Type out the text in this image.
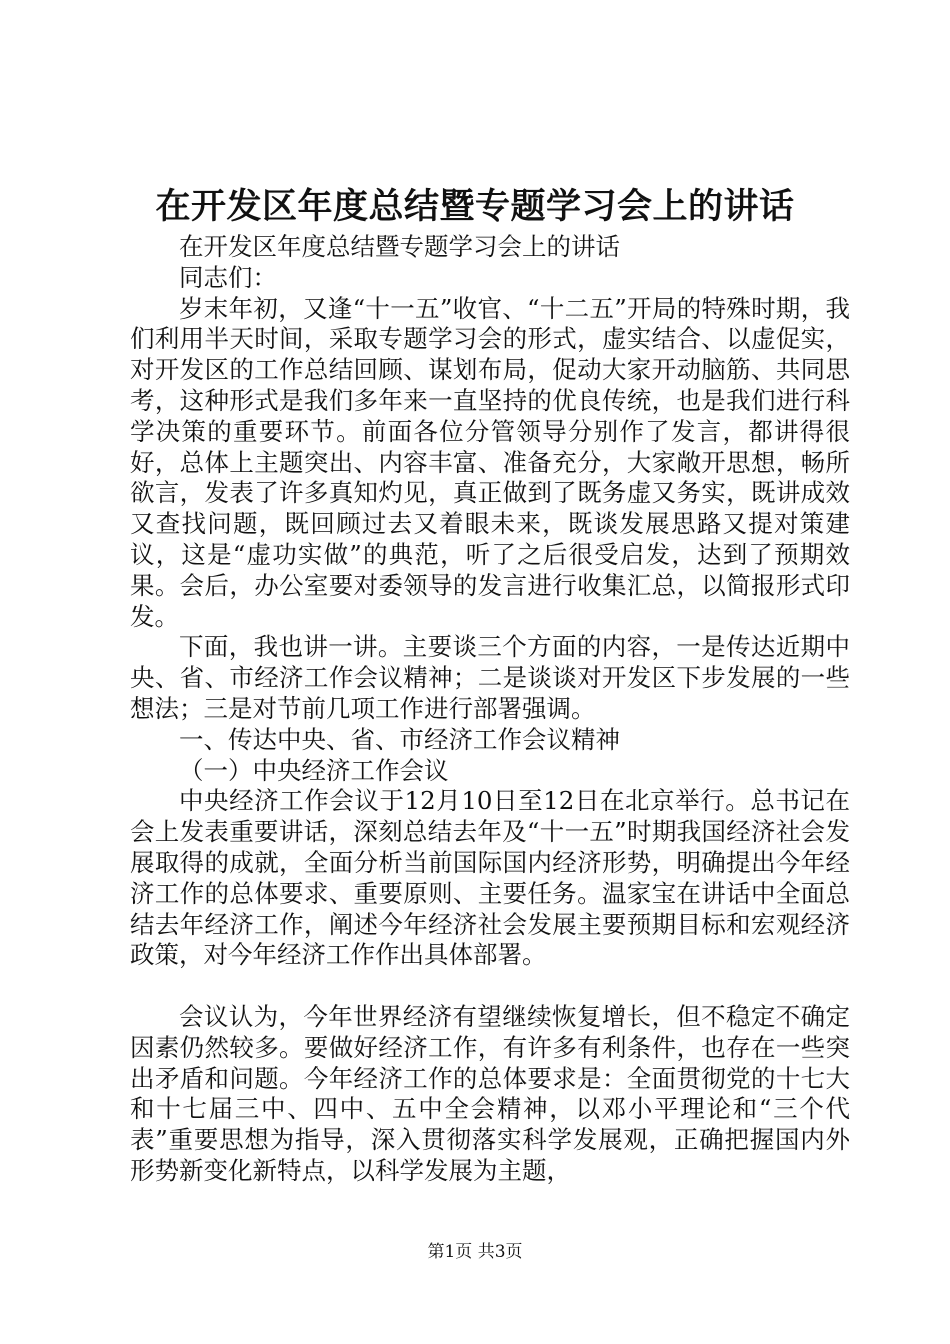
在开发区年度总结暨专题学习会上的讲话

在开发区年度总结暨专题学习会上的讲话

同志们：

岁末年初，又逢“十一五”收官、“十二五”开局的特殊时期，我们利用半天时间，采取专题学习会的形式，虚实结合、以虚促实，对开发区的工作总结回顾、谋划布局，促动大家开动脑筋、共同思考，这种形式是我们多年来一直坚持的优良传统，也是我们进行科学决策的重要环节。前面各位分管领导分别作了发言，都讲得很好，总体上主题突出、内容丰富、准备充分，大家敞开思想，畅所欲言，发表了许多真知灼见，真正做到了既务虚又务实，既讲成效又查找问题，既回顾过去又着眼未来，既谈发展思路又提对策建议，这是“虚功实做”的典范，听了之后很受启发，达到了预期效果。会后，办公室要对委领导的发言进行收集汇总，以简报形式印发。

下面，我也讲一讲。主要谈三个方面的内容，一是传达近期中央、省、市经济工作会议精神；二是谈谈对开发区下步发展的一些想法；三是对节前几项工作进行部署强调。

一、传达中央、省、市经济工作会议精神

（一）中央经济工作会议

中央经济工作会议于12月10日至12日在北京举行。总书记在会上发表重要讲话，深刻总结去年及“十一五”时期我国经济社会发展取得的成就，全面分析当前国际国内经济形势，明确提出今年经济工作的总体要求、重要原则、主要任务。温家宝在讲话中全面总结去年经济工作，阐述今年经济社会发展主要预期目标和宏观经济政策，对今年经济工作作出具体部署。

会议认为，今年世界经济有望继续恢复增长，但不稳定不确定因素仍然较多。要做好经济工作，有许多有利条件，也存在一些突出矛盾和问题。今年经济工作的总体要求是：全面贯彻党的十七大和十七届三中、四中、五中全会精神，以邓小平理论和“三个代表”重要思想为指导，深入贯彻落实科学发展观，正确把握国内外形势新变化新特点，以科学发展为主题，

第1页 共3页
